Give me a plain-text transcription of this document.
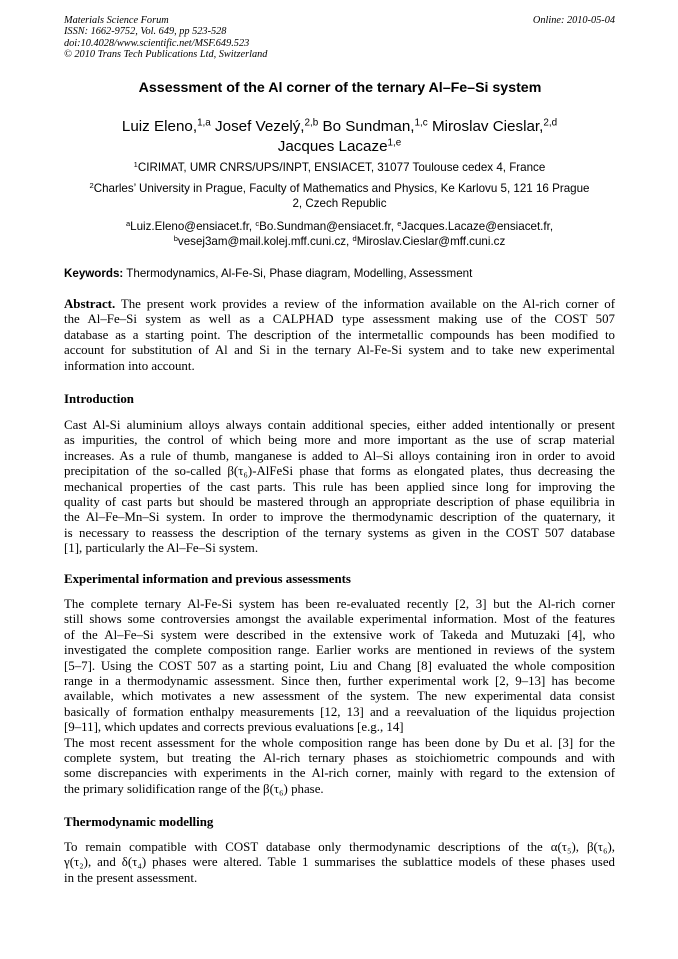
Materials Science Forum
ISSN: 1662-9752, Vol. 649, pp 523-528
doi:10.4028/www.scientific.net/MSF.649.523
© 2010 Trans Tech Publications Ltd, Switzerland
Online: 2010-05-04
Assessment of the Al corner of the ternary Al–Fe–Si system
Luiz Eleno,$^{1,a}$ Josef Vezelý,$^{2,b}$ Bo Sundman,$^{1,c}$ Miroslav Cieslar,$^{2,d}$
Jacques Lacaze$^{1,e}$
$^1$CIRIMAT, UMR CNRS/UPS/INPT, ENSIACET, 31077 Toulouse cedex 4, France
$^2$Charles’ University in Prague, Faculty of Mathematics and Physics, Ke Karlovu 5, 121 16 Prague
2, Czech Republic
$^a$Luiz.Eleno@ensiacet.fr, $^c$Bo.Sundman@ensiacet.fr, $^e$Jacques.Lacaze@ensiacet.fr,
$^b$vesej3am@mail.kolej.mff.cuni.cz, $^d$Miroslav.Cieslar@mff.cuni.cz
Keywords: Thermodynamics, Al-Fe-Si, Phase diagram, Modelling, Assessment
Abstract. The present work provides a review of the information available on the Al-rich corner of
the Al–Fe–Si system as well as a CALPHAD type assessment making use of the COST 507
database as a starting point. The description of the intermetallic compounds has been modified to
account for substitution of Al and Si in the ternary Al-Fe-Si system and to take new experimental
information into account.
Introduction
Cast Al-Si aluminium alloys always contain additional species, either added intentionally or present
as impurities, the control of which being more and more important as the use of scrap material
increases. As a rule of thumb, manganese is added to Al–Si alloys containing iron in order to avoid
precipitation of the so-called β(τ₆)-AlFeSi phase that forms as elongated plates, thus decreasing the
mechanical properties of the cast parts. This rule has been applied since long for improving the
quality of cast parts but should be mastered through an appropriate description of phase equilibria in
the Al–Fe–Mn–Si system. In order to improve the thermodynamic description of the quaternary, it
is necessary to reassess the description of the ternary systems as given in the COST 507 database
[1], particularly the Al–Fe–Si system.
Experimental information and previous assessments
The complete ternary Al-Fe-Si system has been re-evaluated recently [2, 3] but the Al-rich corner
still shows some controversies amongst the available experimental information. Most of the features
of the Al–Fe–Si system were described in the extensive work of Takeda and Mutuzaki [4], who
investigated the complete composition range. Earlier works are mentioned in reviews of the system
[5–7]. Using the COST 507 as a starting point, Liu and Chang [8] evaluated the whole composition
range in a thermodynamic assessment. Since then, further experimental work [2, 9–13] has become
available, which motivates a new assessment of the system. The new experimental data consist
basically of formation enthalpy measurements [12, 13] and a reevaluation of the liquidus projection
[9–11], which updates and corrects previous evaluations [e.g., 14]
The most recent assessment for the whole composition range has been done by Du et al. [3] for the
complete system, but treating the Al-rich ternary phases as stoichiometric compounds and with
some discrepancies with experiments in the Al-rich corner, mainly with regard to the extension of
the primary solidification range of the β(τ₆) phase.
Thermodynamic modelling
To remain compatible with COST database only thermodynamic descriptions of the α(τ₅), β(τ₆),
γ(τ₂), and δ(τ₄) phases were altered. Table 1 summarises the sublattice models of these phases used
in the present assessment.
